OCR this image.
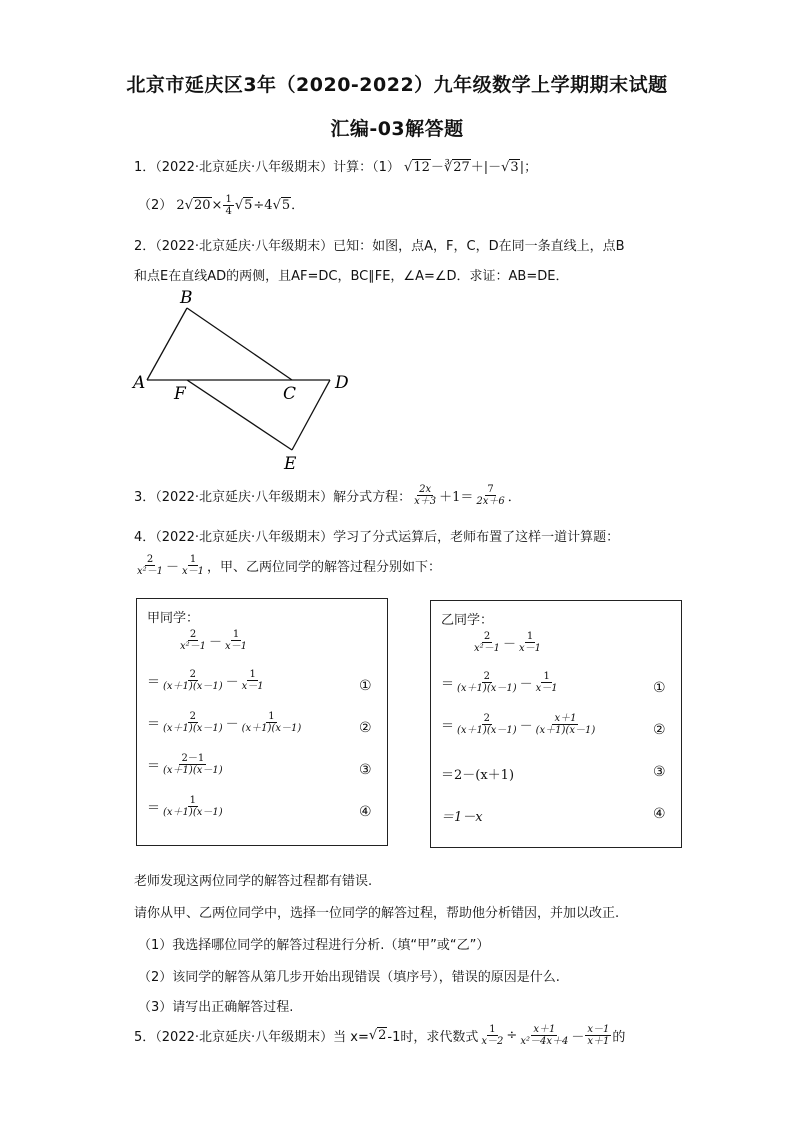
北京市延庆区3年（2020-2022）九年级数学上学期期末试题
汇编-03解答题
1．（2022·北京延庆·八年级期末）计算：（1） √12－∛27＋|－√3|；
（2） $2√20\times \frac{1}{4} √5\div 4√5$．
2．（2022·北京延庆·八年级期末）已知：如图，点A，F，C，D在同一条直线上，点B
和点E在直线AD的两侧，且AF=DC，BC∥FE，∠A=∠D．求证：AB=DE．
B
A
F	C
D
E
3．（2022·北京延庆·八年级期末）解分式方程： $\frac{2x}{x+3} +1= \frac{7}{2x+6}$ ．
4．（2022·北京延庆·八年级期末）学习了分式运算后，老师布置了这样一道计算题：
$\frac{2}{\text{x²－1}} - \frac{1}{x-1}$ ，甲、乙两位同学的解答过程分别如下：
甲同学：
$\frac{2}{\text{x²－1}} - \frac{1}{x-1}$
＝ $\frac{2}{(x+1)(x-1)} - \frac{1}{x-1}$	①
＝ $\frac{2}{(x+1)(x-1)} - \frac{1}{(x+1)(x-1)}$	②
＝ $\frac{2-1}{(x+1)(x-1)}$	③
＝ $\frac{1}{(x+1)(x-1)}$	④
乙同学：
$\frac{2}{\text{x²－1}} - \frac{1}{x-1}$
＝ $\frac{2}{(x+1)(x-1)} - \frac{1}{x-1}$	①
＝ $\frac{2}{(x+1)(x-1)} - \frac{x+1}{(x+1)(x-1)}$	②
＝2－(x＋1)	③
＝1－x	④
老师发现这两位同学的解答过程都有错误.
请你从甲、乙两位同学中，选择一位同学的解答过程，帮助他分析错因，并加以改正.
（1）我选择哪位同学的解答过程进行分析.（填“甲”或“乙”）
（2）该同学的解答从第几步开始出现错误（填序号），错误的原因是什么.
（3）请写出正确解答过程.
5．（2022·北京延庆·八年级期末）当 x= √2 -1时，求代数式 $\frac{1}{x-2} \div \frac{x+1}{\text{x²－4x＋4}} - \frac{x-1}{x+1}$ 的
